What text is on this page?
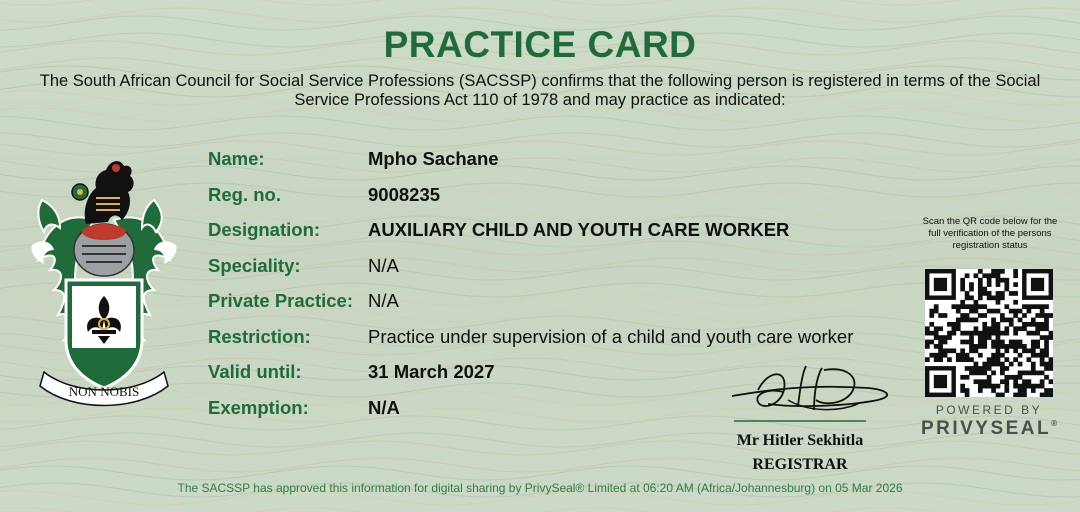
PRACTICE CARD
The South African Council for Social Service Professions (SACSSP) confirms that the following person is registered in terms of the Social Service Professions Act 110 of 1978 and may practice as indicated:
NON NOBIS
Name:	Mpho Sachane
Reg. no.	9008235
Designation:	AUXILIARY CHILD AND YOUTH CARE WORKER
Speciality:	N/A
Private Practice: N/A
Restriction:	Practice under supervision of a child and youth care worker
Valid until:	31 March 2027
Exemption:	N/A
Mr Hitler Sekhitla
REGISTRAR
Scan the QR code below for the full verification of the persons registration status
POWERED BY
PRIVYSEAL®
The SACSSP has approved this information for digital sharing by PrivySeal® Limited at 06:20 AM (Africa/Johannesburg) on 05 Mar 2026
